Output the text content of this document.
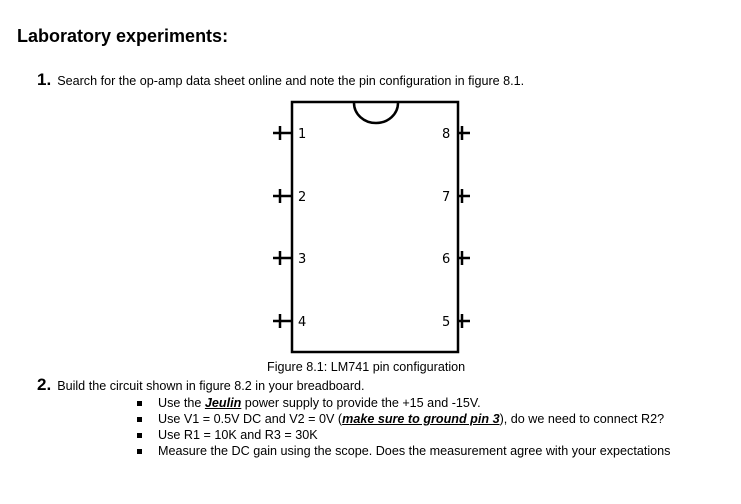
Laboratory experiments:
1. Search for the op-amp data sheet online and note the pin configuration in figure 8.1.
1
2
3
4
8
7
6
5
Figure 8.1: LM741 pin configuration
2. Build the circuit shown in figure 8.2 in your breadboard.
Use the Jeulin power supply to provide the +15 and -15V.
Use V1 = 0.5V DC and V2 = 0V (make sure to ground pin 3), do we need to connect R2?
Use R1 = 10K and R3 = 30K
Measure the DC gain using the scope. Does the measurement agree with your expectations
